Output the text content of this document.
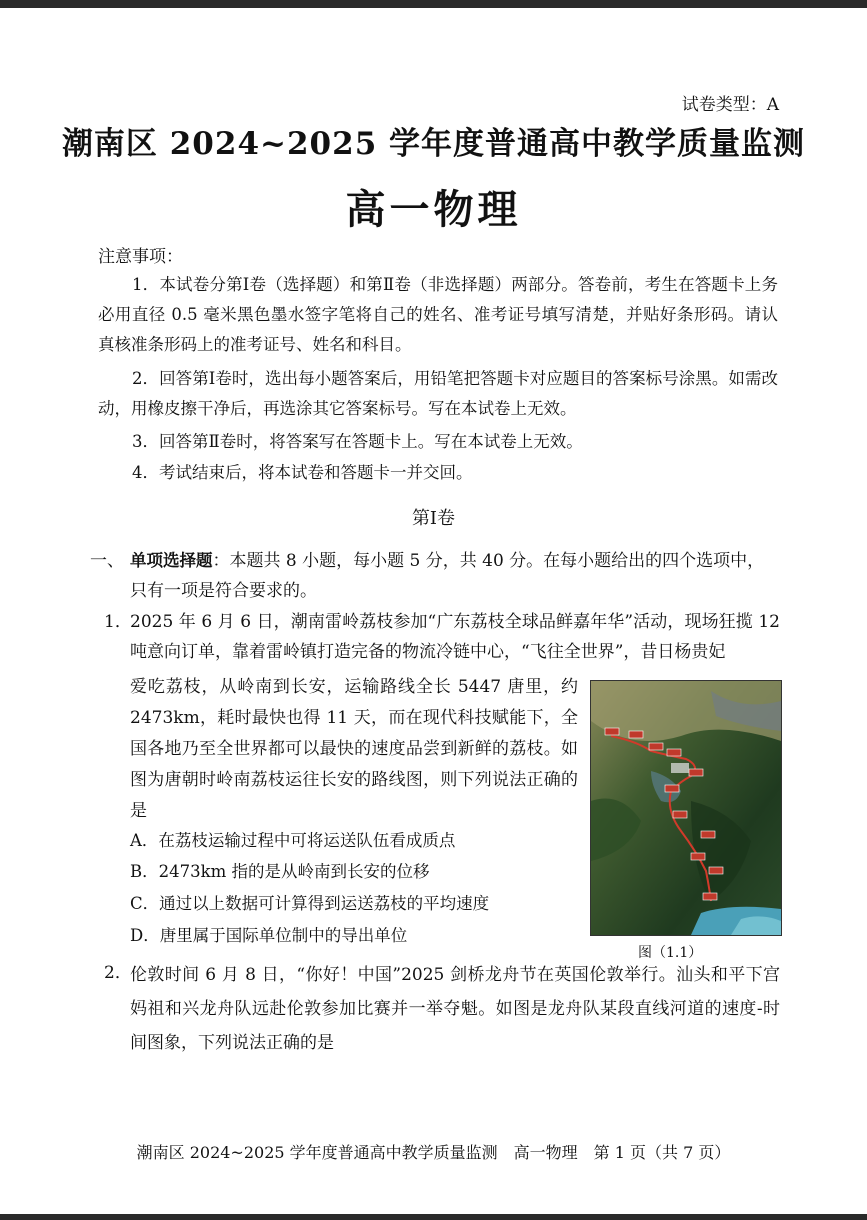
试卷类型：A
潮南区 2024~2025 学年度普通高中教学质量监测
高一物理
注意事项：
1．本试卷分第Ⅰ卷（选择题）和第Ⅱ卷（非选择题）两部分。答卷前，考生在答题卡上务必用直径 0.5 毫米黑色墨水签字笔将自己的姓名、准考证号填写清楚，并贴好条形码。请认真核准条形码上的准考证号、姓名和科目。
2．回答第Ⅰ卷时，选出每小题答案后，用铅笔把答题卡对应题目的答案标号涂黑。如需改动，用橡皮擦干净后，再选涂其它答案标号。写在本试卷上无效。
3．回答第Ⅱ卷时，将答案写在答题卡上。写在本试卷上无效。
4．考试结束后，将本试卷和答题卡一并交回。
第Ⅰ卷
一、 单项选择题：本题共 8 小题，每小题 5 分，共 40 分。在每小题给出的四个选项中，只有一项是符合要求的。
1．
2025 年 6 月 6 日，潮南雷岭荔枝参加“广东荔枝全球品鲜嘉年华”活动，现场狂揽 12 吨意向订单，靠着雷岭镇打造完备的物流冷链中心，“飞往全世界”，昔日杨贵妃
爱吃荔枝，从岭南到长安，运输路线全长 5447 唐里，约 2473km，耗时最快也得 11 天，而在现代科技赋能下，全国各地乃至全世界都可以最快的速度品尝到新鲜的荔枝。如图为唐朝时岭南荔枝运往长安的路线图，则下列说法正确的是
A．在荔枝运输过程中可将运送队伍看成质点
B．2473km 指的是从岭南到长安的位移
C．通过以上数据可计算得到运送荔枝的平均速度
D．唐里属于国际单位制中的导出单位
图（1.1）
2．
伦敦时间 6 月 8 日，“你好！中国”2025 剑桥龙舟节在英国伦敦举行。汕头和平下宫妈祖和兴龙舟队远赴伦敦参加比赛并一举夺魁。如图是龙舟队某段直线河道的速度-时间图象，下列说法正确的是
潮南区 2024~2025 学年度普通高中教学质量监测　高一物理　第 1 页（共 7 页）
